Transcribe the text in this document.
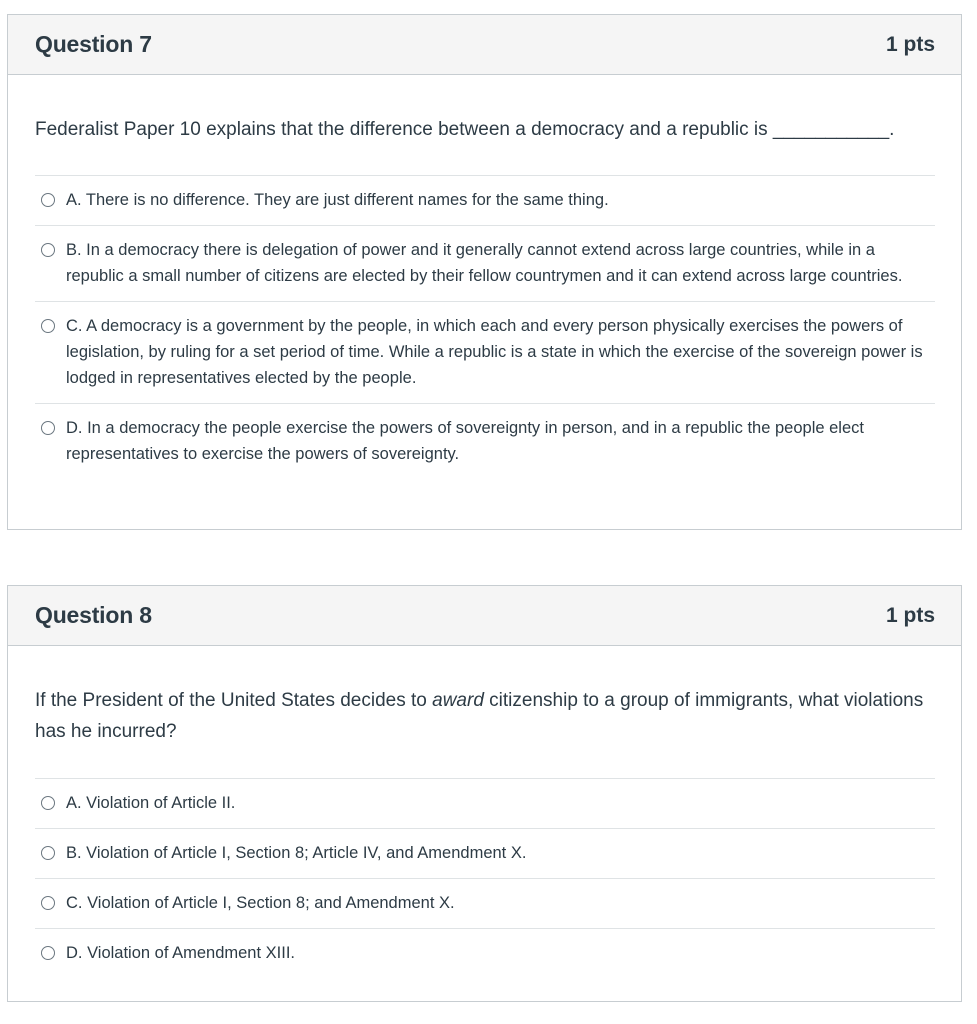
Question 7	1 pts

Federalist Paper 10 explains that the difference between a democracy and a republic is ___________.

A. There is no difference. They are just different names for the same thing.
B. In a democracy there is delegation of power and it generally cannot extend across large countries, while in a republic a small number of citizens are elected by their fellow countrymen and it can extend across large countries.
C. A democracy is a government by the people, in which each and every person physically exercises the powers of legislation, by ruling for a set period of time. While a republic is a state in which the exercise of the sovereign power is lodged in representatives elected by the people.
D. In a democracy the people exercise the powers of sovereignty in person, and in a republic the people elect representatives to exercise the powers of sovereignty.
Question 8	1 pts

If the President of the United States decides to award citizenship to a group of immigrants, what violations has he incurred?

A. Violation of Article II.
B. Violation of Article I, Section 8; Article IV, and Amendment X.
C. Violation of Article I, Section 8; and Amendment X.
D. Violation of Amendment XIII.
